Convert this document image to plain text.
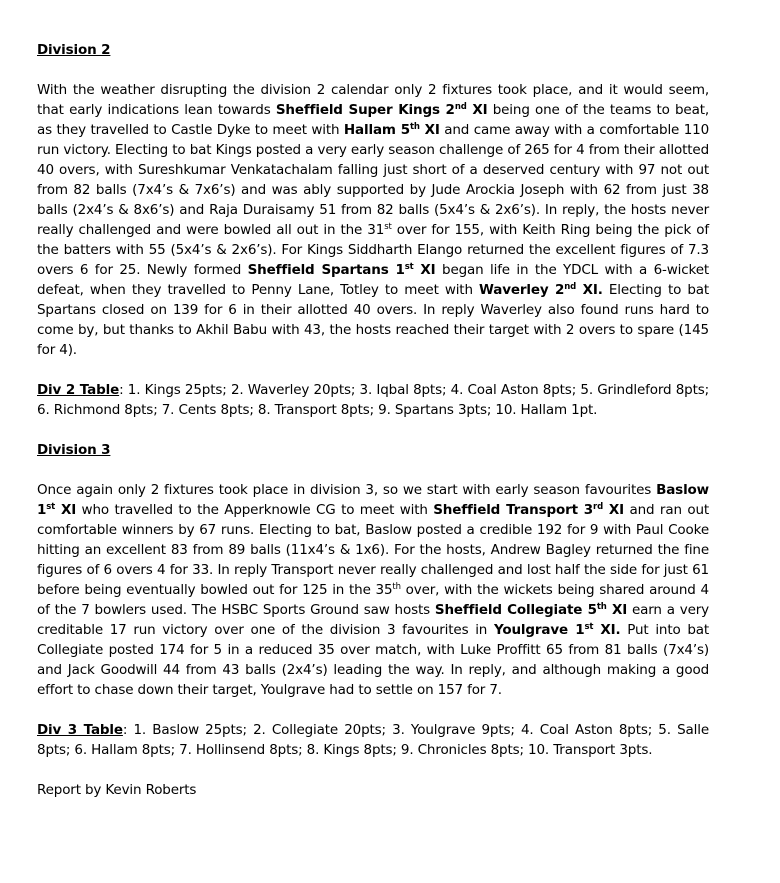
Division 2

With the weather disrupting the division 2 calendar only 2 fixtures took place, and it would seem, that early indications lean towards Sheffield Super Kings 2nd XI being one of the teams to beat, as they travelled to Castle Dyke to meet with Hallam 5th XI and came away with a comfortable 110 run victory. Electing to bat Kings posted a very early season challenge of 265 for 4 from their allotted 40 overs, with Sureshkumar Venkatachalam falling just short of a deserved century with 97 not out from 82 balls (7x4’s & 7x6’s) and was ably supported by Jude Arockia Joseph with 62 from just 38 balls (2x4’s & 8x6’s) and Raja Duraisamy 51 from 82 balls (5x4’s & 2x6’s). In reply, the hosts never really challenged and were bowled all out in the 31st over for 155, with Keith Ring being the pick of the batters with 55 (5x4’s & 2x6’s). For Kings Siddharth Elango returned the excellent figures of 7.3 overs 6 for 25. Newly formed Sheffield Spartans 1st XI began life in the YDCL with a 6-wicket defeat, when they travelled to Penny Lane, Totley to meet with Waverley 2nd XI. Electing to bat Spartans closed on 139 for 6 in their allotted 40 overs. In reply Waverley also found runs hard to come by, but thanks to Akhil Babu with 43, the hosts reached their target with 2 overs to spare (145 for 4).

Div 2 Table: 1. Kings 25pts; 2. Waverley 20pts; 3. Iqbal 8pts; 4. Coal Aston 8pts; 5. Grindleford 8pts; 6. Richmond 8pts; 7. Cents 8pts; 8. Transport 8pts; 9. Spartans 3pts; 10. Hallam 1pt.

Division 3

Once again only 2 fixtures took place in division 3, so we start with early season favourites Baslow 1st XI who travelled to the Apperknowle CG to meet with Sheffield Transport 3rd XI and ran out comfortable winners by 67 runs. Electing to bat, Baslow posted a credible 192 for 9 with Paul Cooke hitting an excellent 83 from 89 balls (11x4’s & 1x6). For the hosts, Andrew Bagley returned the fine figures of 6 overs 4 for 33. In reply Transport never really challenged and lost half the side for just 61 before being eventually bowled out for 125 in the 35th over, with the wickets being shared around 4 of the 7 bowlers used. The HSBC Sports Ground saw hosts Sheffield Collegiate 5th XI earn a very creditable 17 run victory over one of the division 3 favourites in Youlgrave 1st XI. Put into bat Collegiate posted 174 for 5 in a reduced 35 over match, with Luke Proffitt 65 from 81 balls (7x4’s) and Jack Goodwill 44 from 43 balls (2x4’s) leading the way. In reply, and although making a good effort to chase down their target, Youlgrave had to settle on 157 for 7.

Div 3 Table: 1. Baslow 25pts; 2. Collegiate 20pts; 3. Youlgrave 9pts; 4. Coal Aston 8pts; 5. Salle 8pts; 6. Hallam 8pts; 7. Hollinsend 8pts; 8. Kings 8pts; 9. Chronicles 8pts; 10. Transport 3pts.

Report by Kevin Roberts
